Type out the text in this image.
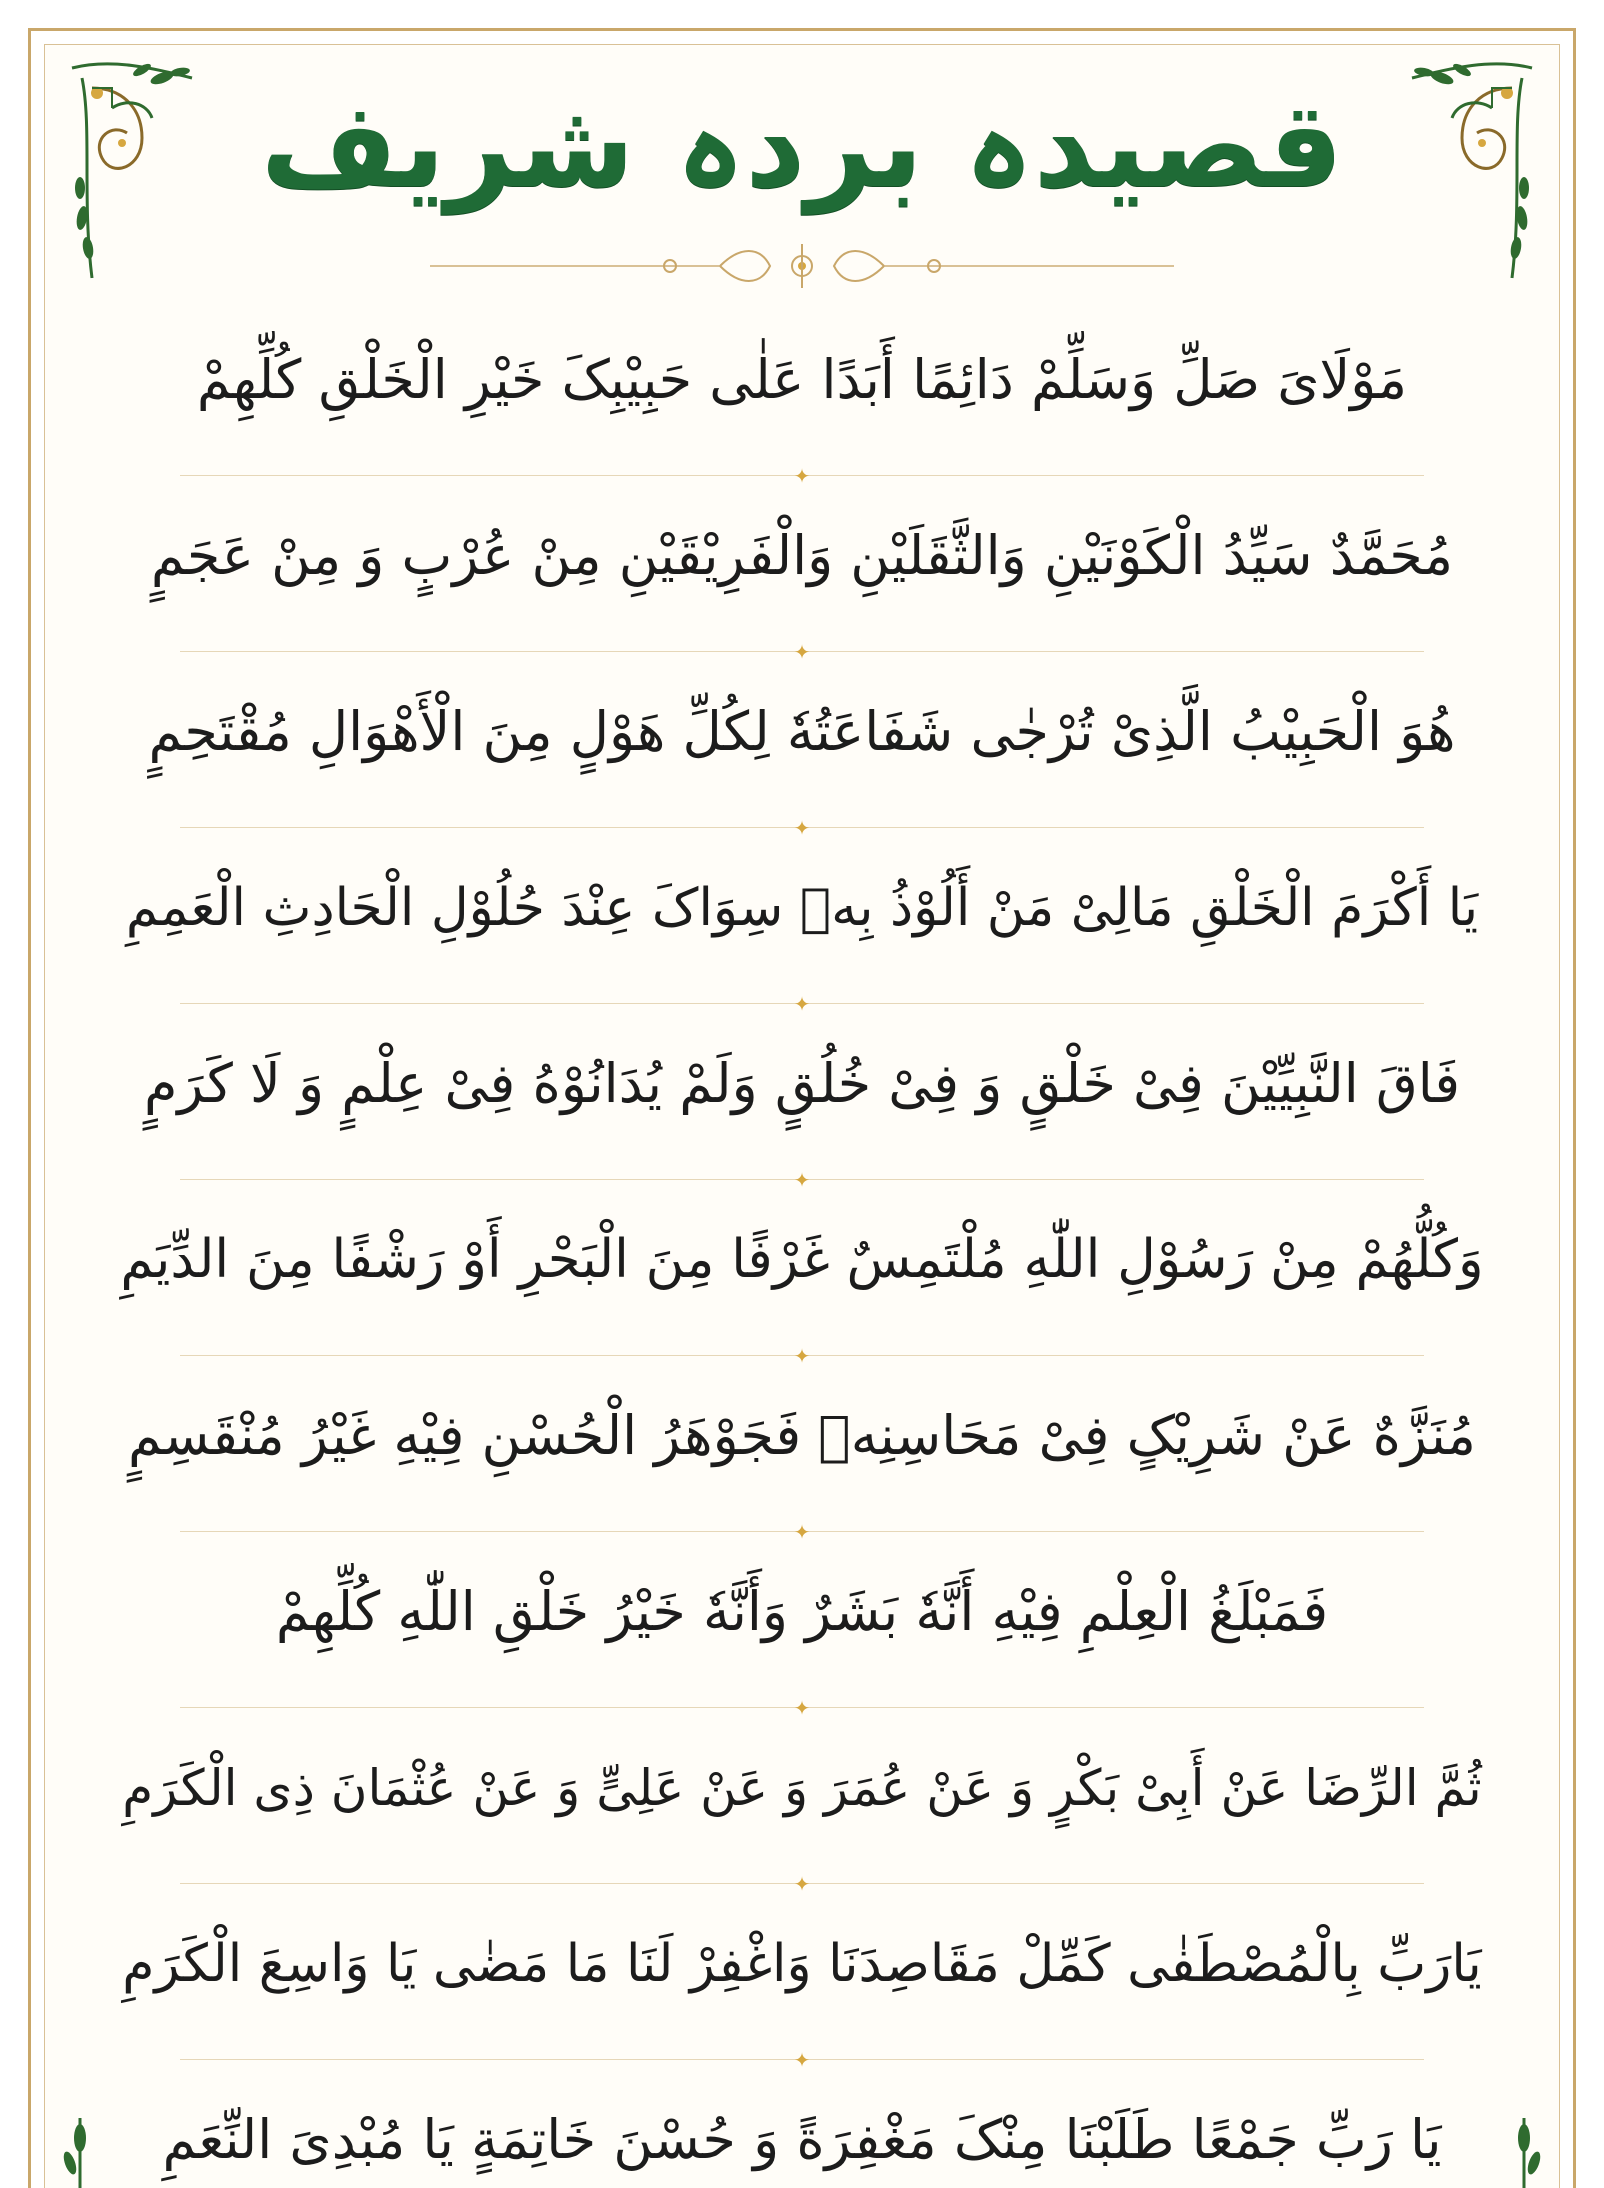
قصیدہ بردہ شریف
مَوْلَایَ صَلِّ وَسَلِّمْ دَائِمًا أَبَدًا عَلٰی حَبِیْبِکَ خَیْرِ الْخَلْقِ کُلِّهِمْ
✦
مُحَمَّدٌ سَیِّدُ الْکَوْنَیْنِ وَالثَّقَلَیْنِ وَالْفَرِیْقَیْنِ مِنْ عُرْبٍ وَ مِنْ عَجَمٍ
✦
هُوَ الْحَبِیْبُ الَّذِیْ تُرْجٰی شَفَاعَتُهٗ لِکُلِّ هَوْلٍ مِنَ الْأَهْوَالِ مُقْتَحِمٍ
✦
یَا أَکْرَمَ الْخَلْقِ مَالِیْ مَنْ أَلُوْذُ بِهٖ سِوَاکَ عِنْدَ حُلُوْلِ الْحَادِثِ الْعَمِمِ
✦
فَاقَ النَّبِیِّیْنَ فِیْ خَلْقٍ وَ فِیْ خُلُقٍ وَلَمْ یُدَانُوْهُ فِیْ عِلْمٍ وَ لَا کَرَمٍ
✦
وَکُلُّهُمْ مِنْ رَسُوْلِ اللّٰهِ مُلْتَمِسٌ غَرْفًا مِنَ الْبَحْرِ أَوْ رَشْفًا مِنَ الدِّیَمِ
✦
مُنَزَّهٌ عَنْ شَرِیْکٍ فِیْ مَحَاسِنِهٖ فَجَوْهَرُ الْحُسْنِ فِیْهِ غَیْرُ مُنْقَسِمٍ
✦
فَمَبْلَغُ الْعِلْمِ فِیْهِ أَنَّهٗ بَشَرٌ وَأَنَّهٗ خَیْرُ خَلْقِ اللّٰهِ کُلِّهِمْ
✦
ثُمَّ الرِّضَا عَنْ أَبِیْ بَکْرٍ وَ عَنْ عُمَرَ وَ عَنْ عَلِیٍّ وَ عَنْ عُثْمَانَ ذِی الْکَرَمِ
✦
یَارَبِّ بِالْمُصْطَفٰی کَمِّلْ مَقَاصِدَنَا وَاغْفِرْ لَنَا مَا مَضٰی یَا وَاسِعَ الْکَرَمِ
✦
یَا رَبِّ جَمْعًا طَلَبْنَا مِنْکَ مَغْفِرَةً وَ حُسْنَ خَاتِمَةٍ یَا مُبْدِیَ النِّعَمِ
